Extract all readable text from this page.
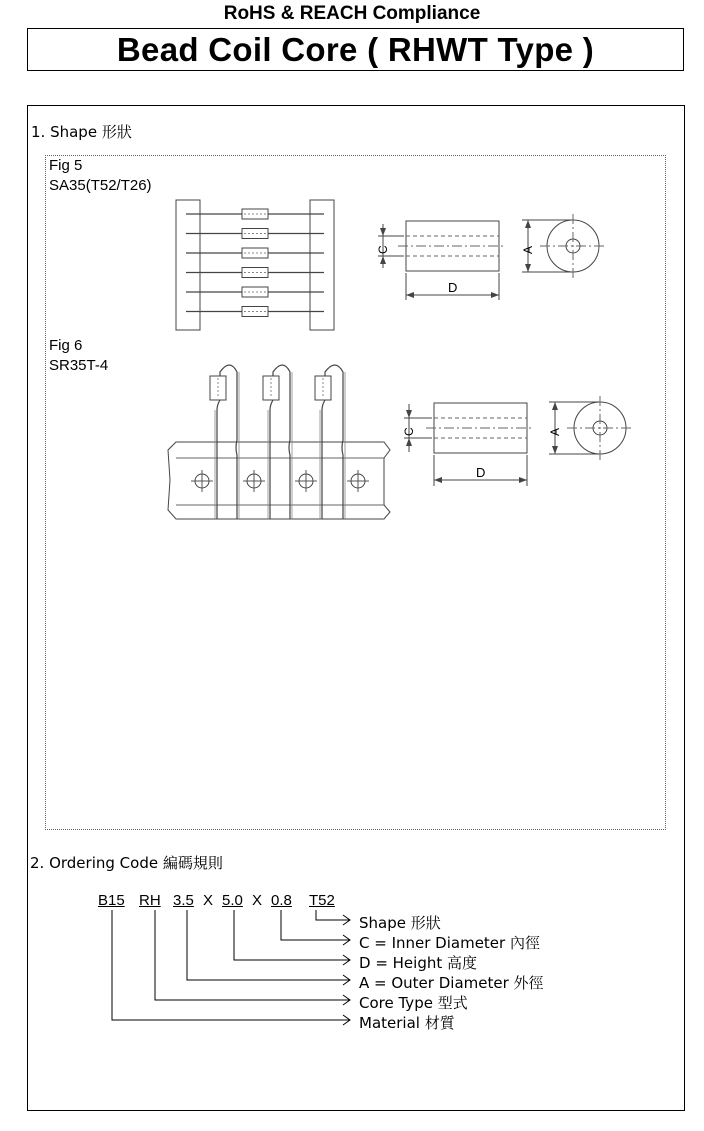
RoHS & REACH Compliance
Bead Coil Core ( RHWT Type )
1. Shape 形狀
Fig 5
SA35(T52/T26)
Fig 6
SR35T-4
C
D
A
C
D
A
2. Ordering Code 編碼規則
B15 RH 3.5 X 5.0 X 0.8 T52
Shape 形狀
C = Inner Diameter 內徑
D = Height 高度
A = Outer Diameter 外徑
Core Type 型式
Material 材質
